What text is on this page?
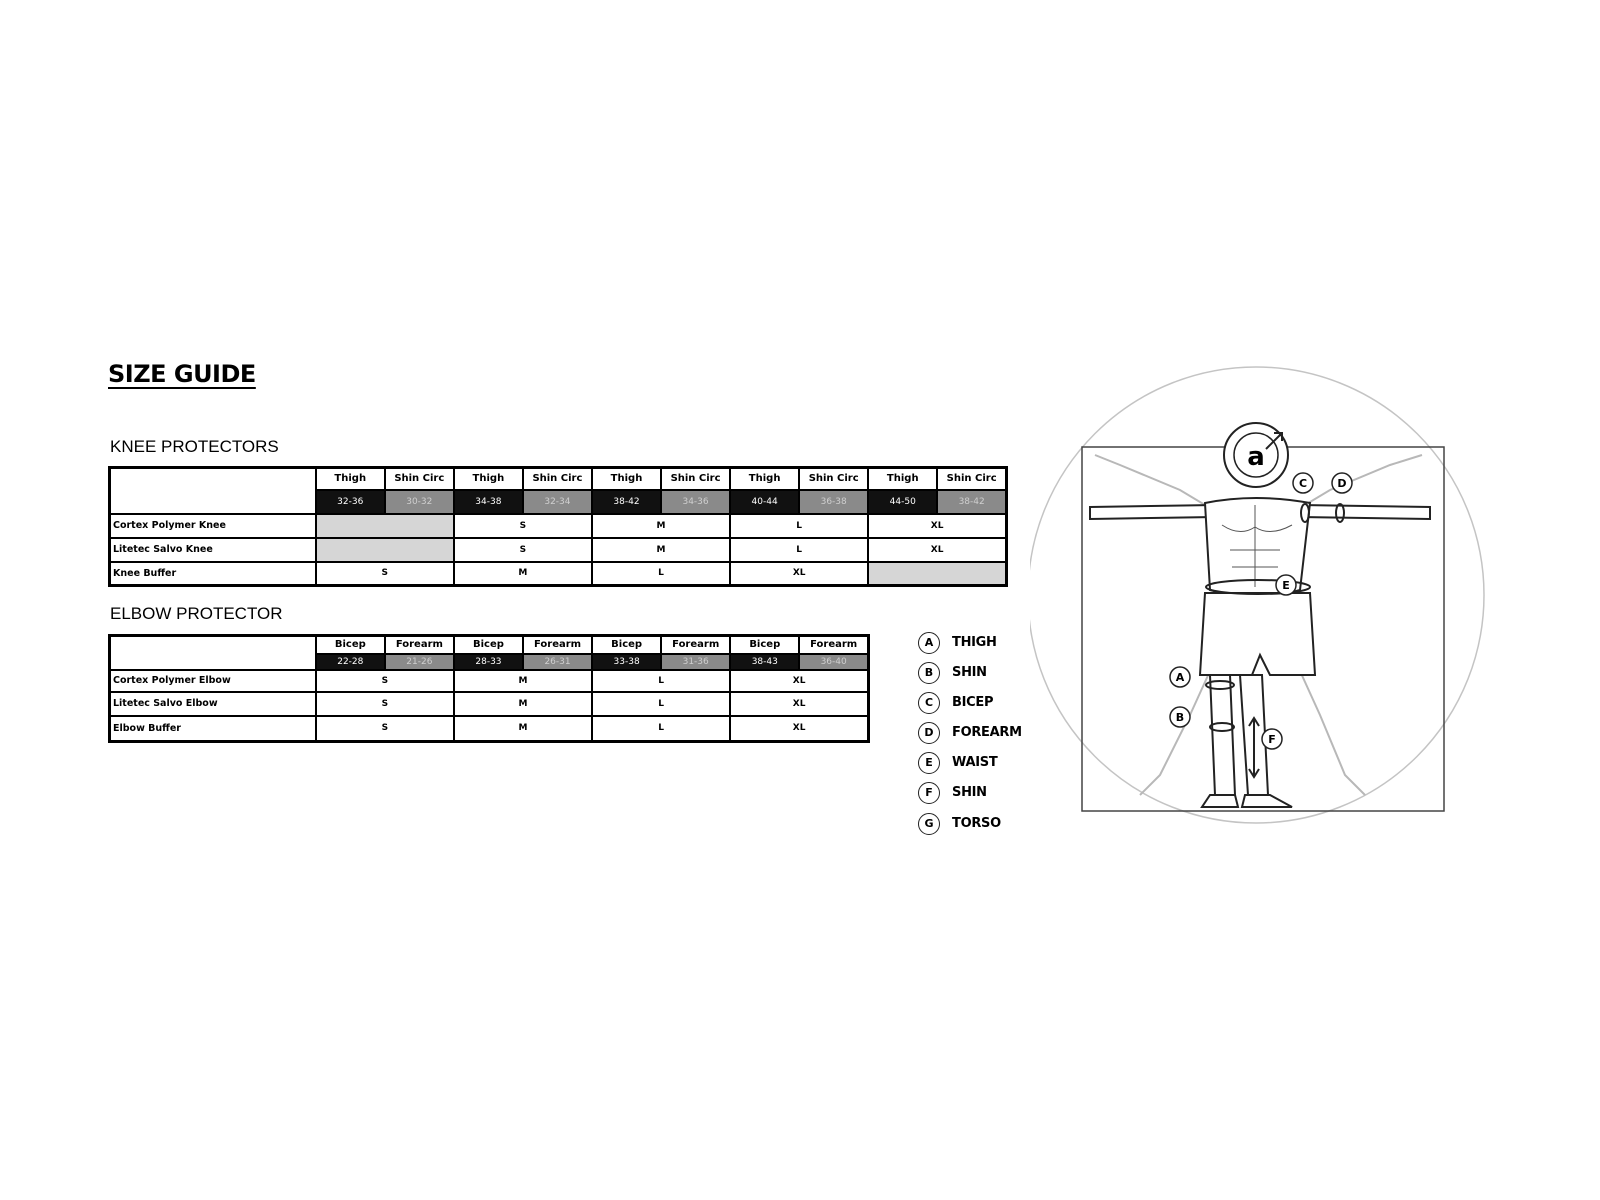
SIZE GUIDE
KNEE PROTECTORS
	Thigh	Shin Circ	Thigh	Shin Circ	Thigh	Shin Circ	Thigh	Shin Circ	Thigh	Shin Circ
	32-36	30-32	34-38	32-34	38-42	34-36	40-44	36-38	44-50	38-42
Cortex Polymer Knee			S		M		L		XL	
Litetec Salvo Knee			S		M		L		XL	
Knee Buffer	S		M		L		XL			
ELBOW PROTECTOR
	Bicep	Forearm	Bicep	Forearm	Bicep	Forearm	Bicep	Forearm
	22-28	21-26	28-33	26-31	33-38	31-36	38-43	36-40
Cortex Polymer Elbow	S		M		L		XL	
Litetec Salvo Elbow	S		M		L		XL	
Elbow Buffer	S		M		L		XL	
A	THIGH
B	SHIN
C	BICEP
D	FOREARM
E	WAIST
F	SHIN
G	TORSO
a
A
B
C	D
E
F
